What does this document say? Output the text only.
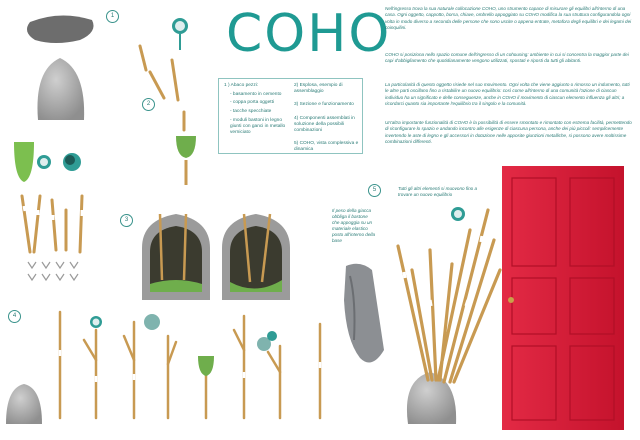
COHO
Nell'ingresso trova la sua naturale collocazione COHO, uno strumento capace di misurare gli equilibri all'interno di una casa. Ogni oggetto, cappotto, borsa, chiave, ombrello appoggiato su COHO modifica la sua struttura configurandola ogni volta in modo diverso a seconda delle persone che sono uscite o appena entrate, metafora degli equilibri e dei legami dei coinquilini.
COHO si posiziona nello spazio comune dell'ingresso di un cohousing: ambiente in cui si concentra la maggior parte dei capi d'abbigliamento che quotidianamente vengono utilizzati, spostati e riposti da tutti gli abitanti.
La particolarità di questo oggetto risiede nel suo movimento. Ogni volta che viene aggiunto o rimosso un indumento, tutti le altre parti oscillano fino a ristabilire un nuovo equilibrio: così come all'interno di una comunità l'azione di ciascun individuo ha un significato e delle conseguenze, anche in COHO il movimento di ciascun elemento influenza gli altri; a ricordarci quanto sia importante l'equilibrio tra il singolo e la comunità.
Un'altra importante funzionalità di COHO è la possibilità di essere smontato e rimontato con estrema facilità, permettendo di riconfigurare lo spazio e andando incontro alle esigenze di ciascuna persona, anche dei più piccoli: semplicemente invertendo le aste di legno e gli accessori in dotazione nelle apposite giunzioni metalliche, si possono avere moltissime combinazioni differenti.
1 ) Abaco pezzi:
- basamento in cemento
- coppa porta oggetti
- tacche specchiate
- moduli bastoni in legno giunti con ganci in metallo verniciato
2) Esplosa, esempio di assemblaggio
3) Sezione e funzionamento
4) Componenti assemblati in soluzione della possibili combinazioni
5) COHO, vista complessiva e dinamica
Tutti gli altri elementi si muovono fino a trovare un nuovo equilibrio
Il peso della giacca obbliga il bastone che appoggia su un materiale elastico posto all'interno della base
1
2
3
4
5
